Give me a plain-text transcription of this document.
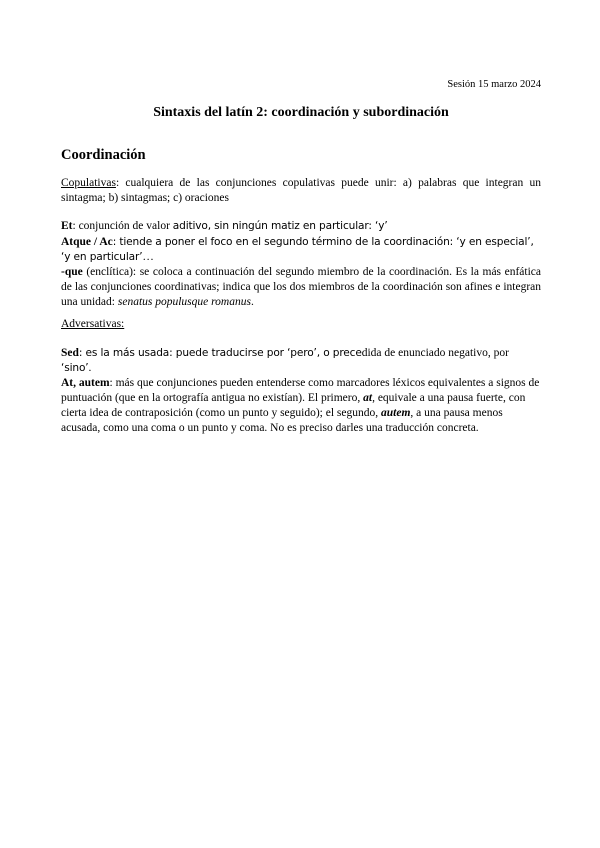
Sesión 15 marzo 2024
Sintaxis del latín 2: coordinación y subordinación
Coordinación
Copulativas: cualquiera de las conjunciones copulativas puede unir: a) palabras que integran un sintagma; b) sintagmas; c) oraciones
Et: conjunción de valor aditivo, sin ningún matiz en particular: ‘y’
Atque / Ac: tiende a poner el foco en el segundo término de la coordinación: ‘y en especial’, ‘y en particular’…
-que (enclítica): se coloca a continuación del segundo miembro de la coordinación. Es la más enfática de las conjunciones coordinativas; indica que los dos miembros de la coordinación son afines e integran una unidad: senatus populusque romanus.
Adversativas:
Sed: es la más usada: puede traducirse por ‘pero’, o precedida de enunciado negativo, por ‘sino’.
At, autem: más que conjunciones pueden entenderse como marcadores léxicos equivalentes a signos de puntuación (que en la ortografía antigua no existían). El primero, at, equivale a una pausa fuerte, con cierta idea de contraposición (como un punto y seguido); el segundo, autem, a una pausa menos acusada, como una coma o un punto y coma. No es preciso darles una traducción concreta.
